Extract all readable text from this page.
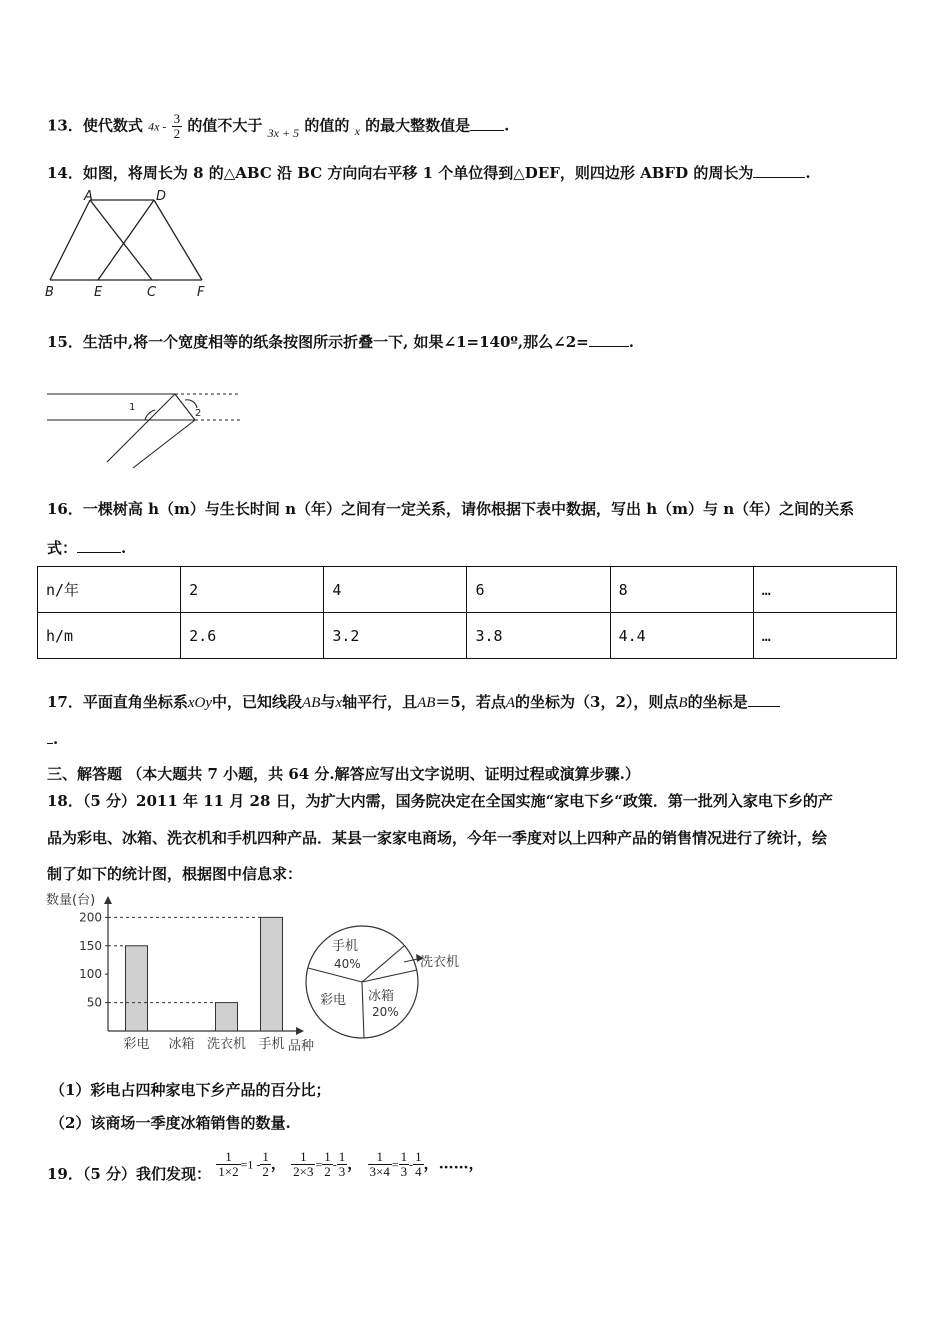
13．使代数式 $4x - \frac{3}{2}$ 的值不大于 $_{3x + 5}$ 的值的 $_x$ 的最大整数值是 .
14．如图，将周长为 8 的△ABC 沿 BC 方向向右平移 1 个单位得到△DEF，则四边形 ABFD 的周长为	.
A	D
B	E	C	F
15．生活中,将一个宽度相等的纸条按图所示折叠一下, 如果∠1=140º,那么∠2=	.
1
2
16．一棵树高 h（m）与生长时间 n（年）之间有一定关系，请你根据下表中数据，写出 h（m）与 n（年）之间的关系
式：	.
n/年	2	4	6	8	…
h/m	2.6	3.2	3.8	4.4	…
17．平面直角坐标系xOy中，已知线段AB与x轴平行，且AB＝5，若点A的坐标为（3，2），则点B的坐标是
.
三、解答题 （本大题共 7 小题，共 64 分.解答应写出文字说明、证明过程或演算步骤.）
18．（5 分）2011 年 11 月 28 日，为扩大内需，国务院决定在全国实施“家电下乡“政策．第一批列入家电下乡的产
品为彩电、冰箱、洗衣机和手机四种产品．某县一家家电商场，今年一季度对以上四种产品的销售情况进行了统计，绘
制了如下的统计图，根据图中信息求：
数量(台)
品种
200
150
100
50
彩电 冰箱 洗衣机 手机
手机
40%	洗衣机
冰箱
20%
彩电
（1）彩电占四种家电下乡产品的百分比；
（2）该商场一季度冰箱销售的数量.
19．（5 分）我们发现： $\frac{1}{1\times 2} =1 - \frac{1}{2}$ ， $\frac{1}{2\times 3} = \frac{1}{2} - \frac{1}{3}$ ， $\frac{1}{3\times 4} = \frac{1}{3} - \frac{1}{4}$ ，……，
